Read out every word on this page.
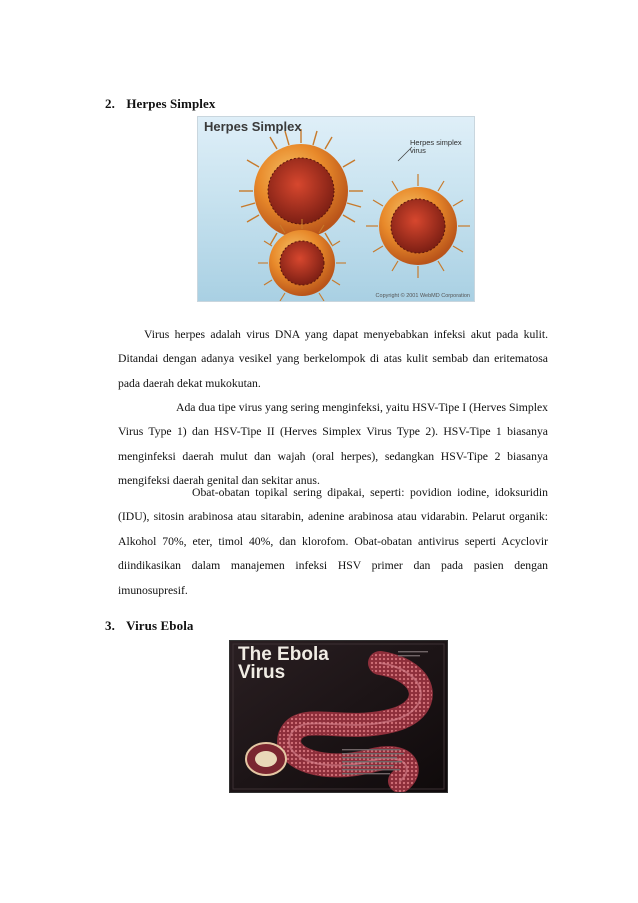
2. Herpes Simplex
Herpes Simplex
Herpes simplex
virus
Copyright © 2001 WebMD Corporation

Virus herpes adalah virus DNA yang dapat menyebabkan infeksi akut pada kulit. Ditandai dengan adanya vesikel yang berkelompok di atas kulit sembab dan eritematosa pada daerah dekat mukokutan.

Ada dua tipe virus yang sering menginfeksi, yaitu HSV-Tipe I (Herves Simplex Virus Type 1) dan HSV-Tipe II (Herves Simplex Virus Type 2). HSV-Tipe 1 biasanya menginfeksi daerah mulut dan wajah (oral herpes), sedangkan HSV-Tipe 2 biasanya mengifeksi daerah genital dan sekitar anus.

Obat-obatan topikal sering dipakai, seperti: povidion iodine, idoksuridin (IDU), sitosin arabinosa atau sitarabin, adenine arabinosa atau vidarabin. Pelarut organik: Alkohol 70%, eter, timol 40%, dan klorofom. Obat-obatan antivirus seperti Acyclovir diindikasikan dalam manajemen infeksi HSV primer dan pada pasien dengan imunosupresif.

3. Virus Ebola
The Ebola
Virus
